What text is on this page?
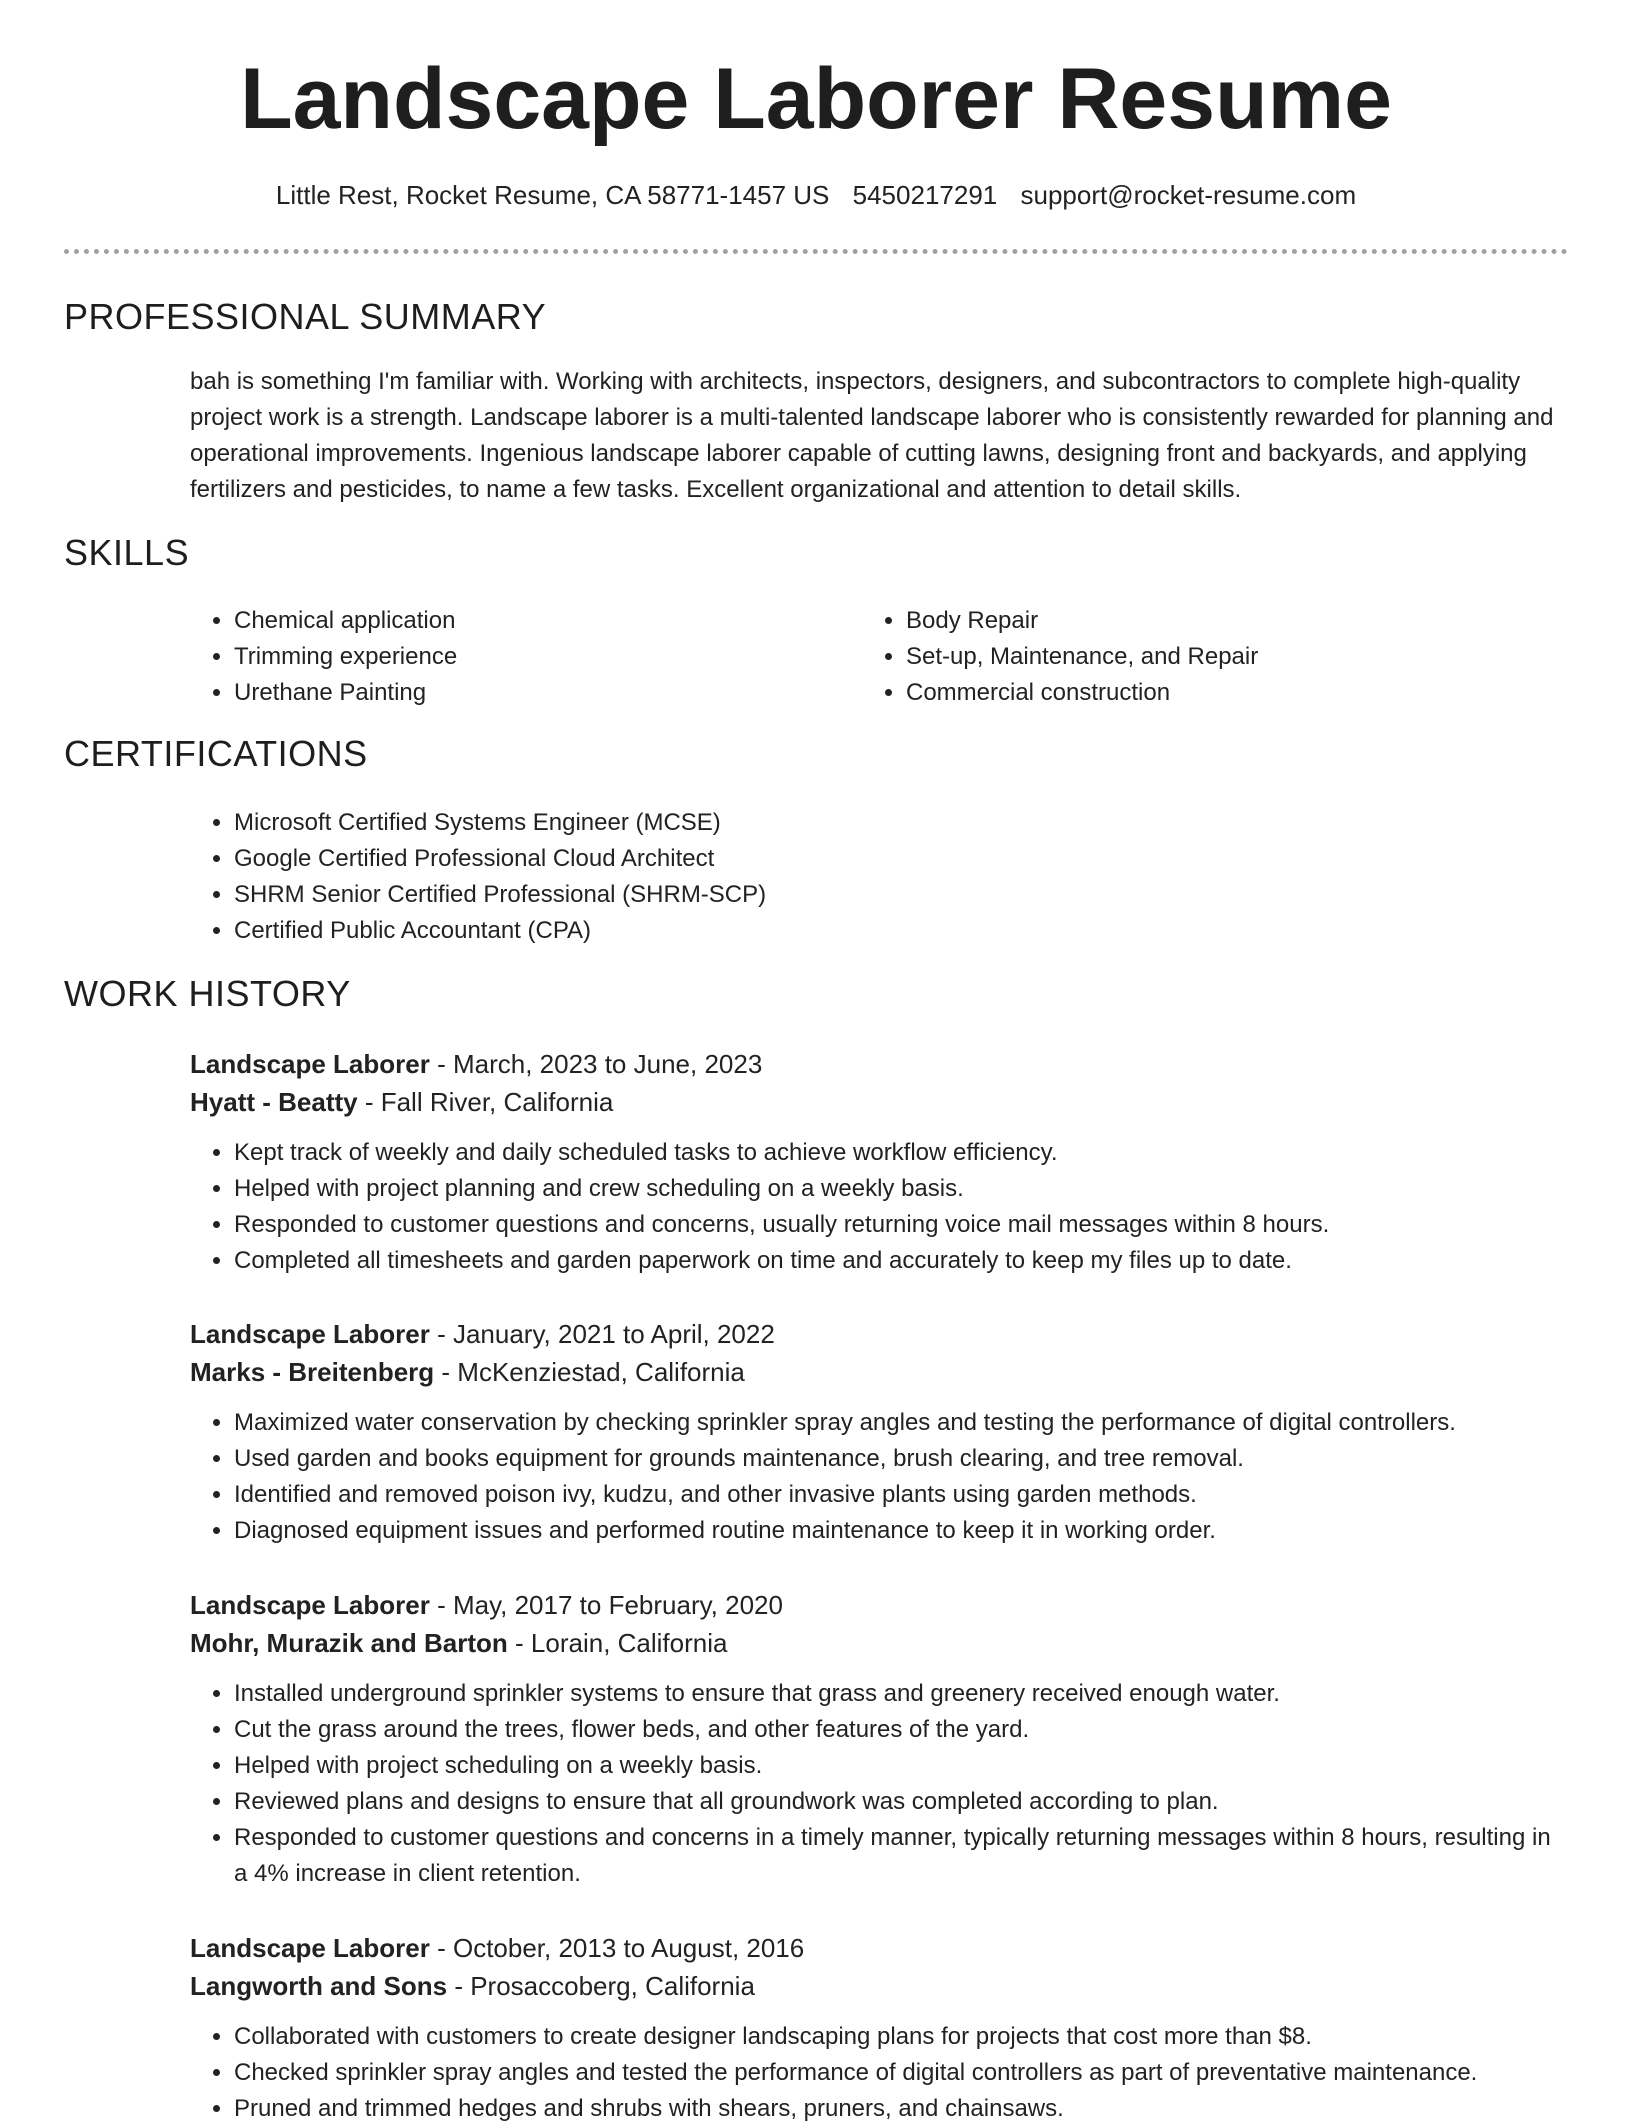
Landscape Laborer Resume
Little Rest, Rocket Resume, CA 58771-1457 US 5450217291 support@rocket-resume.com
PROFESSIONAL SUMMARY
bah is something I'm familiar with. Working with architects, inspectors, designers, and subcontractors to complete high-quality project work is a strength. Landscape laborer is a multi-talented landscape laborer who is consistently rewarded for planning and operational improvements. Ingenious landscape laborer capable of cutting lawns, designing front and backyards, and applying fertilizers and pesticides, to name a few tasks. Excellent organizational and attention to detail skills.
SKILLS
• Chemical application
• Trimming experience
• Urethane Painting
• Body Repair
• Set-up, Maintenance, and Repair
• Commercial construction
CERTIFICATIONS
• Microsoft Certified Systems Engineer (MCSE)
• Google Certified Professional Cloud Architect
• SHRM Senior Certified Professional (SHRM-SCP)
• Certified Public Accountant (CPA)
WORK HISTORY
Landscape Laborer - March, 2023 to June, 2023
Hyatt - Beatty - Fall River, California
• Kept track of weekly and daily scheduled tasks to achieve workflow efficiency.
• Helped with project planning and crew scheduling on a weekly basis.
• Responded to customer questions and concerns, usually returning voice mail messages within 8 hours.
• Completed all timesheets and garden paperwork on time and accurately to keep my files up to date.
Landscape Laborer - January, 2021 to April, 2022
Marks - Breitenberg - McKenziestad, California
• Maximized water conservation by checking sprinkler spray angles and testing the performance of digital controllers.
• Used garden and books equipment for grounds maintenance, brush clearing, and tree removal.
• Identified and removed poison ivy, kudzu, and other invasive plants using garden methods.
• Diagnosed equipment issues and performed routine maintenance to keep it in working order.
Landscape Laborer - May, 2017 to February, 2020
Mohr, Murazik and Barton - Lorain, California
• Installed underground sprinkler systems to ensure that grass and greenery received enough water.
• Cut the grass around the trees, flower beds, and other features of the yard.
• Helped with project scheduling on a weekly basis.
• Reviewed plans and designs to ensure that all groundwork was completed according to plan.
• Responded to customer questions and concerns in a timely manner, typically returning messages within 8 hours, resulting in a 4% increase in client retention.
Landscape Laborer - October, 2013 to August, 2016
Langworth and Sons - Prosaccoberg, California
• Collaborated with customers to create designer landscaping plans for projects that cost more than $8.
• Checked sprinkler spray angles and tested the performance of digital controllers as part of preventative maintenance.
• Pruned and trimmed hedges and shrubs with shears, pruners, and chainsaws.
